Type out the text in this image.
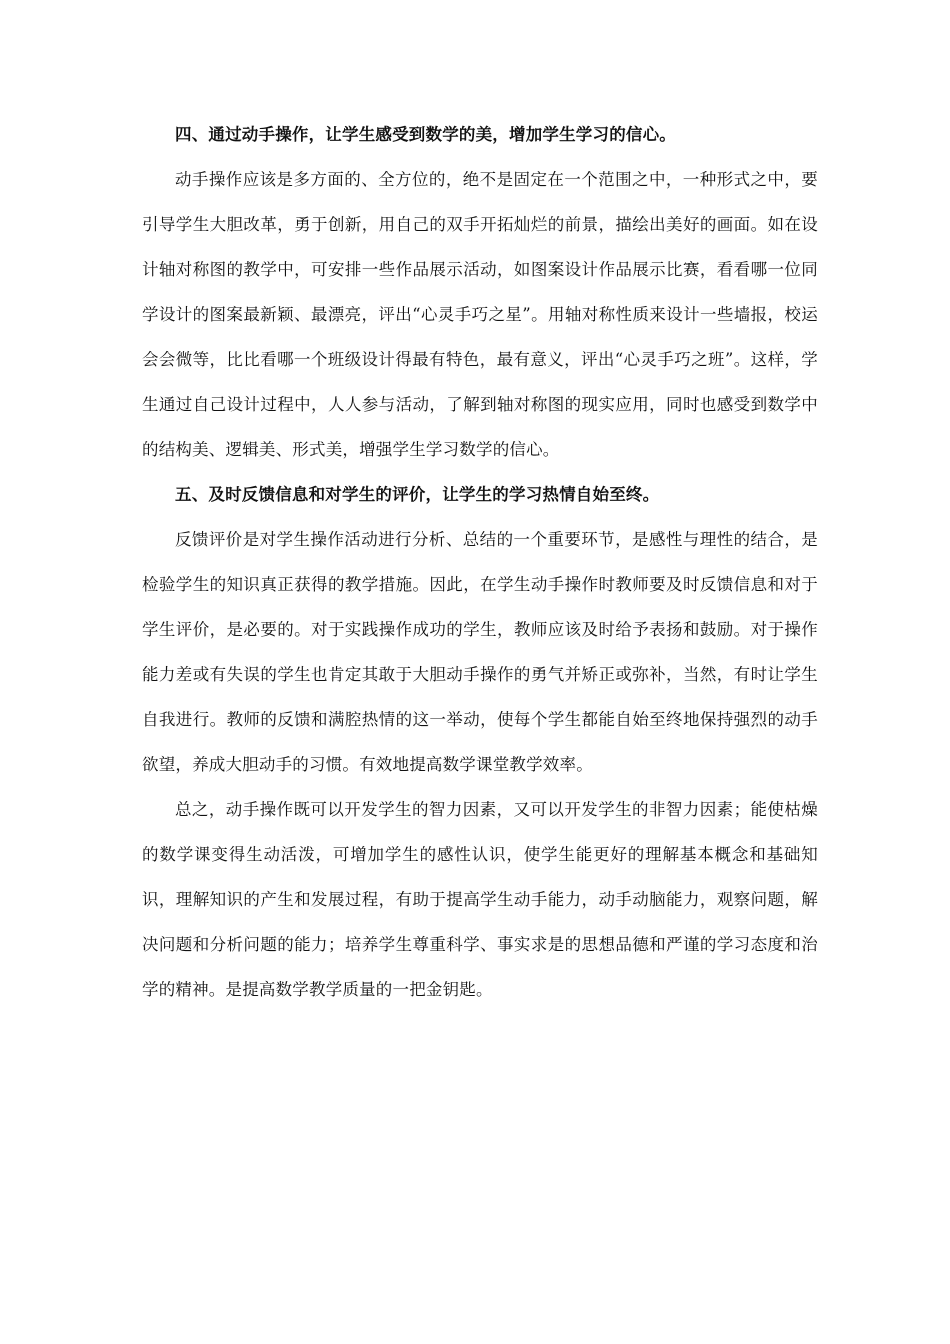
四、通过动手操作，让学生感受到数学的美，增加学生学习的信心。

动手操作应该是多方面的、全方位的，绝不是固定在一个范围之中，一种形式之中，要引导学生大胆改革，勇于创新，用自己的双手开拓灿烂的前景，描绘出美好的画面。如在设计轴对称图的教学中，可安排一些作品展示活动，如图案设计作品展示比赛，看看哪一位同学设计的图案最新颖、最漂亮，评出“心灵手巧之星”。用轴对称性质来设计一些墙报，校运会会微等，比比看哪一个班级设计得最有特色，最有意义，评出“心灵手巧之班”。这样，学生通过自己设计过程中，人人参与活动，了解到轴对称图的现实应用，同时也感受到数学中的结构美、逻辑美、形式美，增强学生学习数学的信心。

五、及时反馈信息和对学生的评价，让学生的学习热情自始至终。

反馈评价是对学生操作活动进行分析、总结的一个重要环节，是感性与理性的结合，是检验学生的知识真正获得的教学措施。因此，在学生动手操作时教师要及时反馈信息和对于学生评价，是必要的。对于实践操作成功的学生，教师应该及时给予表扬和鼓励。对于操作能力差或有失误的学生也肯定其敢于大胆动手操作的勇气并矫正或弥补，当然，有时让学生自我进行。教师的反馈和满腔热情的这一举动，使每个学生都能自始至终地保持强烈的动手欲望，养成大胆动手的习惯。有效地提高数学课堂教学效率。

总之，动手操作既可以开发学生的智力因素，又可以开发学生的非智力因素；能使枯燥的数学课变得生动活泼，可增加学生的感性认识，使学生能更好的理解基本概念和基础知识，理解知识的产生和发展过程，有助于提高学生动手能力，动手动脑能力，观察问题，解决问题和分析问题的能力；培养学生尊重科学、事实求是的思想品德和严谨的学习态度和治学的精神。是提高数学教学质量的一把金钥匙。
